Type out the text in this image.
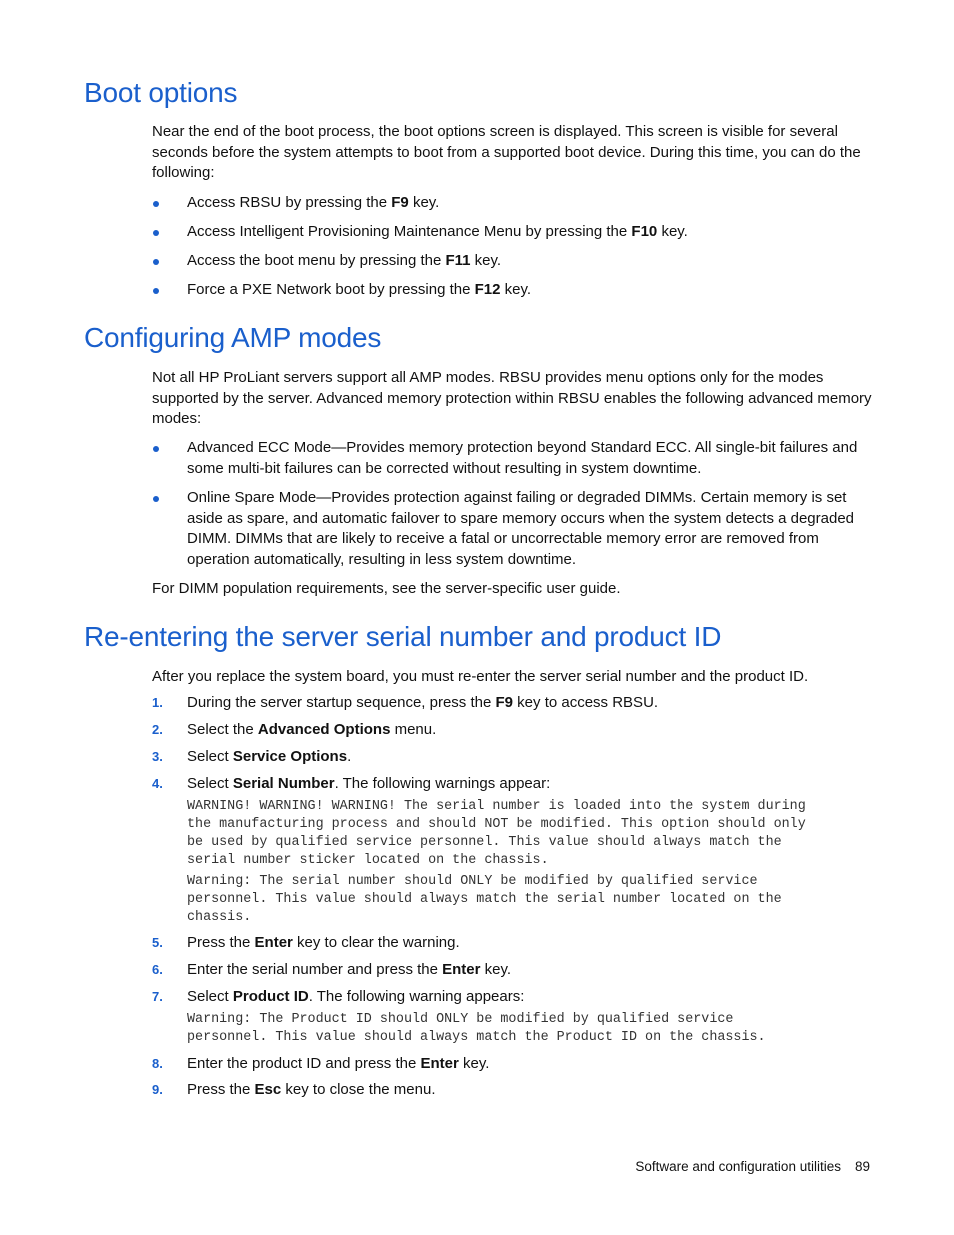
Boot options

Near the end of the boot process, the boot options screen is displayed. This screen is visible for several seconds before the system attempts to boot from a supported boot device. During this time, you can do the following:

Access RBSU by pressing the F9 key.
Access Intelligent Provisioning Maintenance Menu by pressing the F10 key.
Access the boot menu by pressing the F11 key.
Force a PXE Network boot by pressing the F12 key.
Configuring AMP modes

Not all HP ProLiant servers support all AMP modes. RBSU provides menu options only for the modes supported by the server. Advanced memory protection within RBSU enables the following advanced memory modes:

Advanced ECC Mode—Provides memory protection beyond Standard ECC. All single-bit failures and some multi-bit failures can be corrected without resulting in system downtime.
Online Spare Mode—Provides protection against failing or degraded DIMMs. Certain memory is set aside as spare, and automatic failover to spare memory occurs when the system detects a degraded DIMM. DIMMs that are likely to receive a fatal or uncorrectable memory error are removed from operation automatically, resulting in less system downtime.

For DIMM population requirements, see the server-specific user guide.

Re-entering the server serial number and product ID

After you replace the system board, you must re-enter the server serial number and the product ID.

1.	During the server startup sequence, press the F9 key to access RBSU.
2.	Select the Advanced Options menu.
3.	Select Service Options.
4.	Select Serial Number. The following warnings appear:
WARNING! WARNING! WARNING! The serial number is loaded into the system during
the manufacturing process and should NOT be modified. This option should only
be used by qualified service personnel. This value should always match the
serial number sticker located on the chassis.
Warning: The serial number should ONLY be modified by qualified service
personnel. This value should always match the serial number located on the
chassis.
5.	Press the Enter key to clear the warning.
6.	Enter the serial number and press the Enter key.
7.	Select Product ID. The following warning appears:
Warning: The Product ID should ONLY be modified by qualified service
personnel. This value should always match the Product ID on the chassis.
8.	Enter the product ID and press the Enter key.
9.	Press the Esc key to close the menu.
Software and configuration utilities 89
